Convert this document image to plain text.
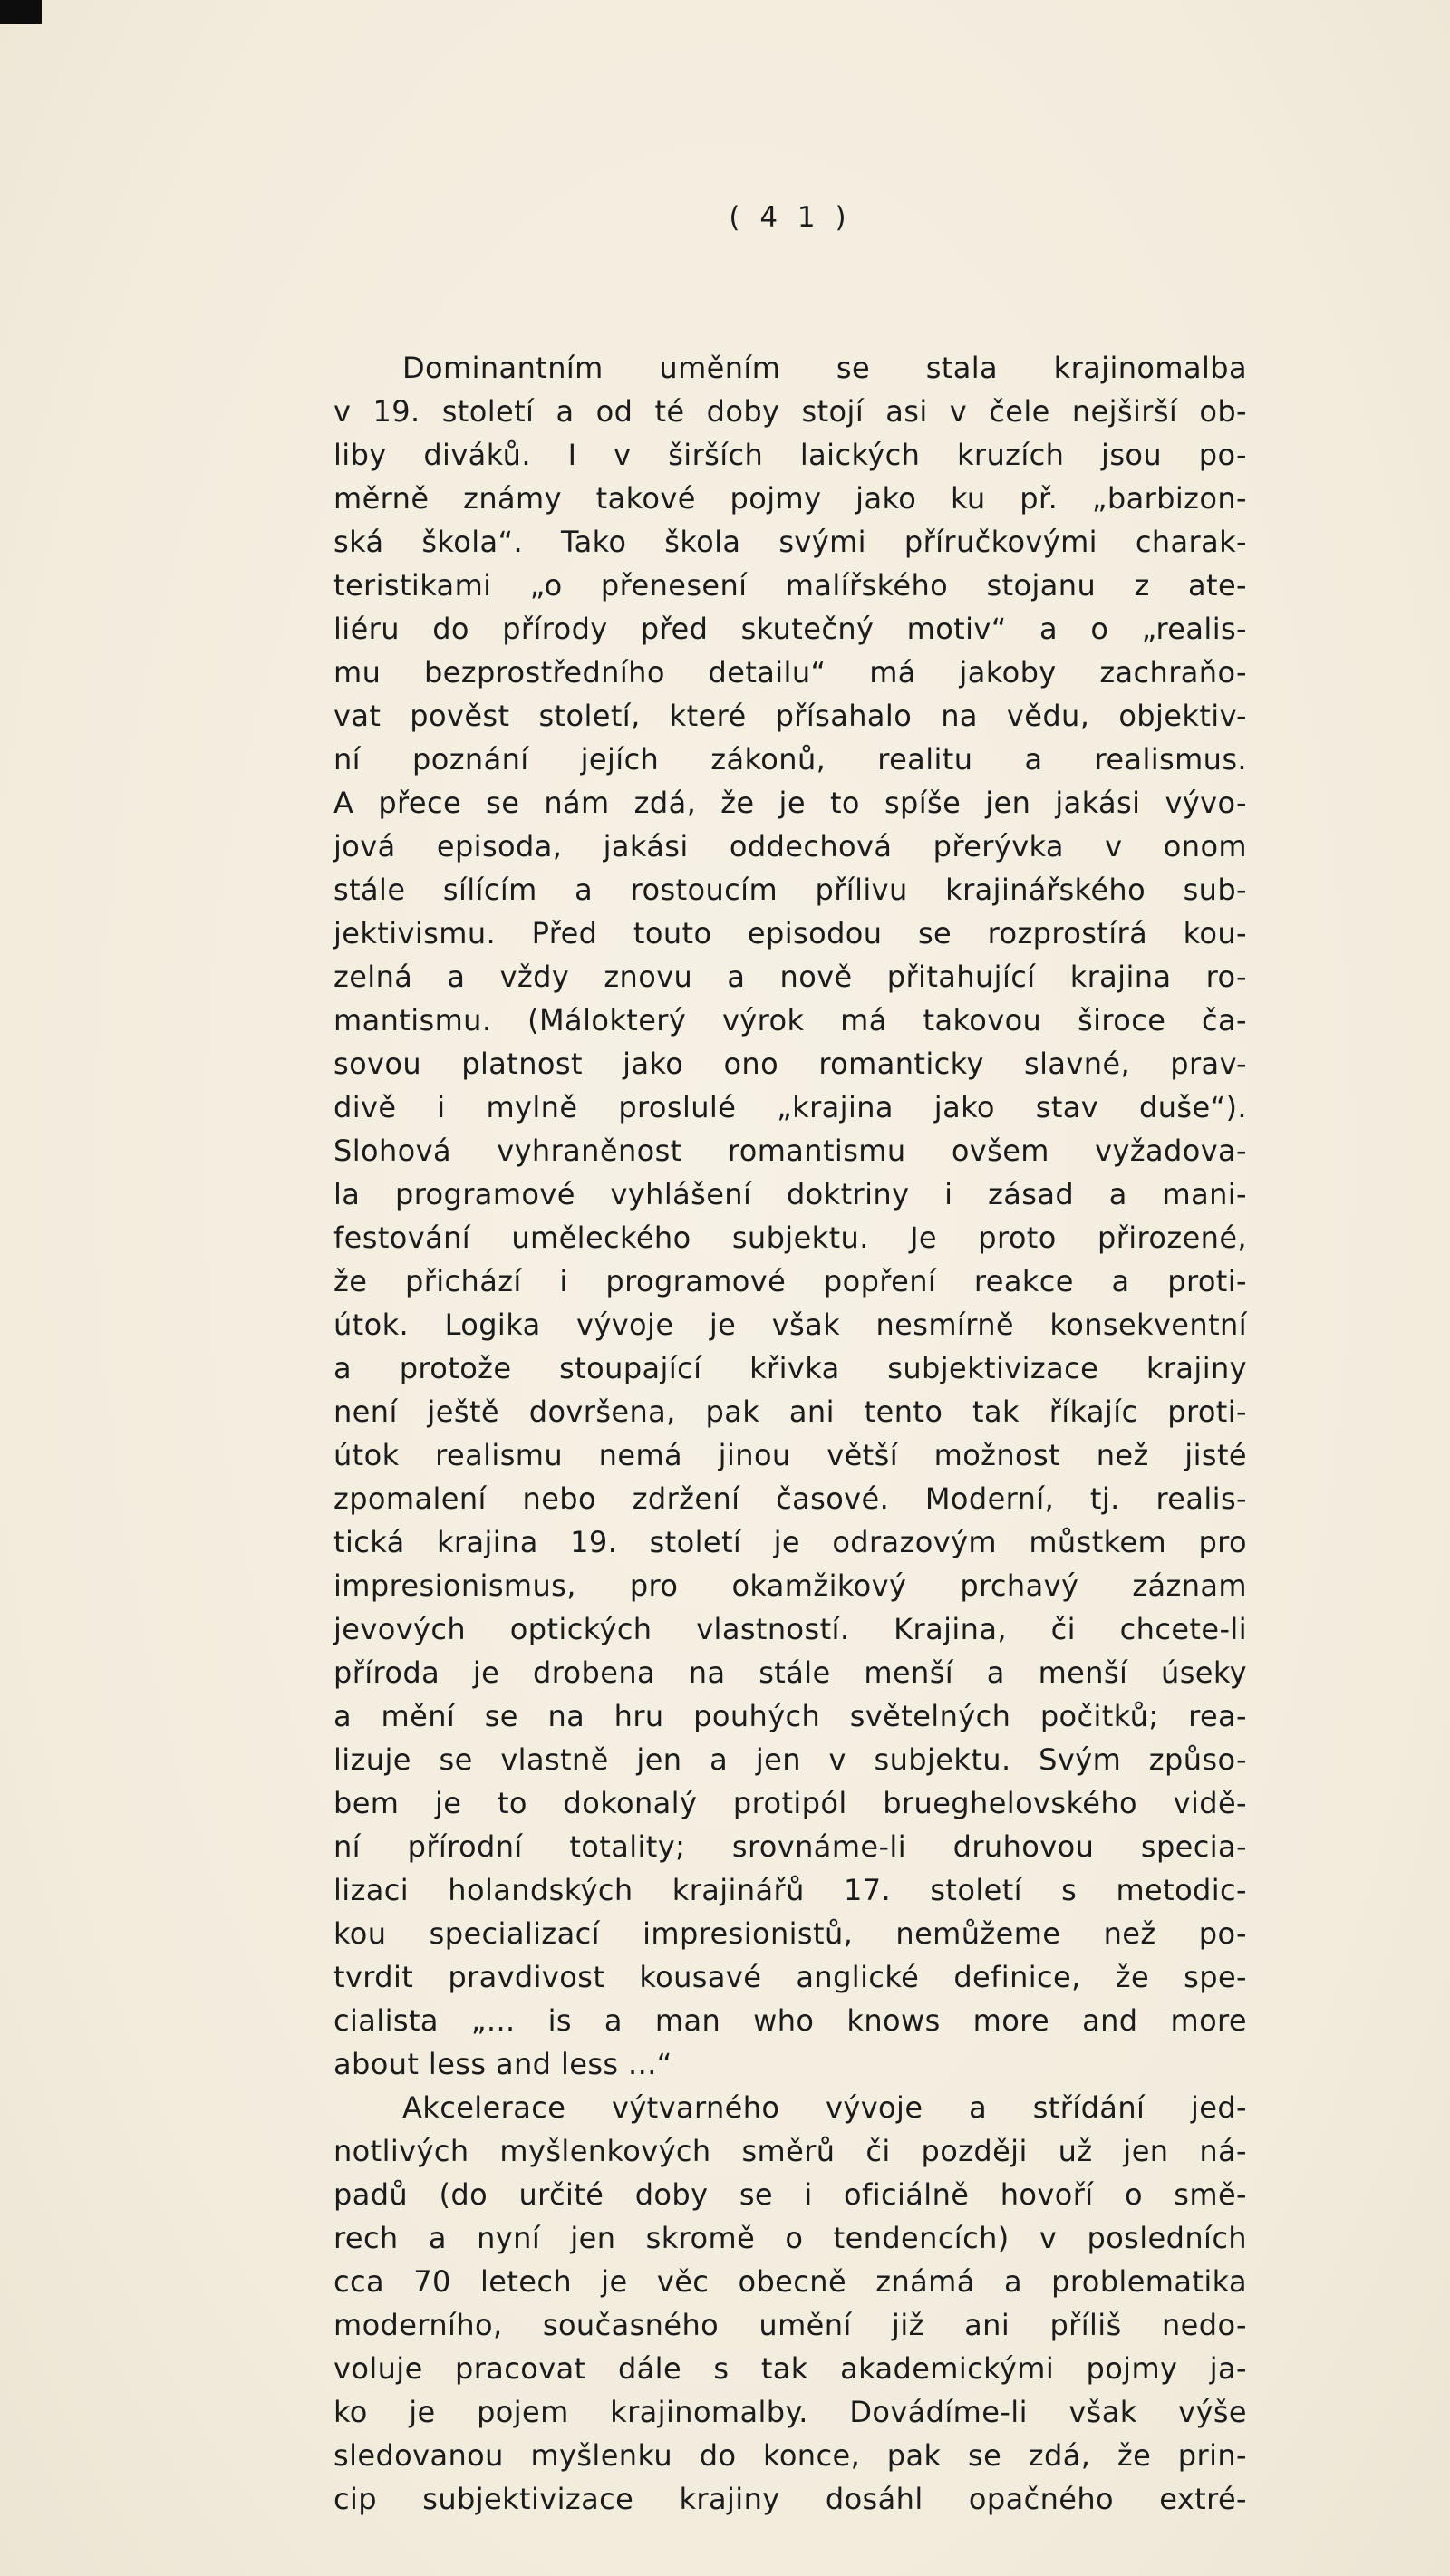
( 4 1 )
Dominantním uměním se stala krajinomalba
v 19. století a od té doby stojí asi v čele nejširší ob-
liby diváků. I v širších laických kruzích jsou po-
měrně známy takové pojmy jako ku př. „barbizon-
ská škola“. Tako škola svými příručkovými charak-
teristikami „o přenesení malířského stojanu z ate-
liéru do přírody před skutečný motiv“ a o „realis-
mu bezprostředního detailu“ má jakoby zachraňo-
vat pověst století, které přísahalo na vědu, objektiv-
ní poznání jejích zákonů, realitu a realismus.
A přece se nám zdá, že je to spíše jen jakási vývo-
jová episoda, jakási oddechová přerývka v onom
stále sílícím a rostoucím přílivu krajinářského sub-
jektivismu. Před touto episodou se rozprostírá kou-
zelná a vždy znovu a nově přitahující krajina ro-
mantismu. (Málokterý výrok má takovou široce ča-
sovou platnost jako ono romanticky slavné, prav-
divě i mylně proslulé „krajina jako stav duše“).
Slohová vyhraněnost romantismu ovšem vyžadova-
la programové vyhlášení doktriny i zásad a mani-
festování uměleckého subjektu. Je proto přirozené,
že přichází i programové popření reakce a proti-
útok. Logika vývoje je však nesmírně konsekventní
a protože stoupající křivka subjektivizace krajiny
není ještě dovršena, pak ani tento tak říkajíc proti-
útok realismu nemá jinou větší možnost než jisté
zpomalení nebo zdržení časové. Moderní, tj. realis-
tická krajina 19. století je odrazovým můstkem pro
impresionismus, pro okamžikový prchavý záznam
jevových optických vlastností. Krajina, či chcete-li
příroda je drobena na stále menší a menší úseky
a mění se na hru pouhých světelných počitků; rea-
lizuje se vlastně jen a jen v subjektu. Svým způso-
bem je to dokonalý protipól brueghelovského vidě-
ní přírodní totality; srovnáme-li druhovou specia-
lizaci holandských krajinářů 17. století s metodic-
kou specializací impresionistů, nemůžeme než po-
tvrdit pravdivost kousavé anglické definice, že spe-
cialista „... is a man who knows more and more
about less and less ...“
Akcelerace výtvarného vývoje a střídání jed-
notlivých myšlenkových směrů či později už jen ná-
padů (do určité doby se i oficiálně hovoří o smě-
rech a nyní jen skromě o tendencích) v posledních
cca 70 letech je věc obecně známá a problematika
moderního, současného umění již ani příliš nedo-
voluje pracovat dále s tak akademickými pojmy ja-
ko je pojem krajinomalby. Dovádíme-li však výše
sledovanou myšlenku do konce, pak se zdá, že prin-
cip subjektivizace krajiny dosáhl opačného extré-
